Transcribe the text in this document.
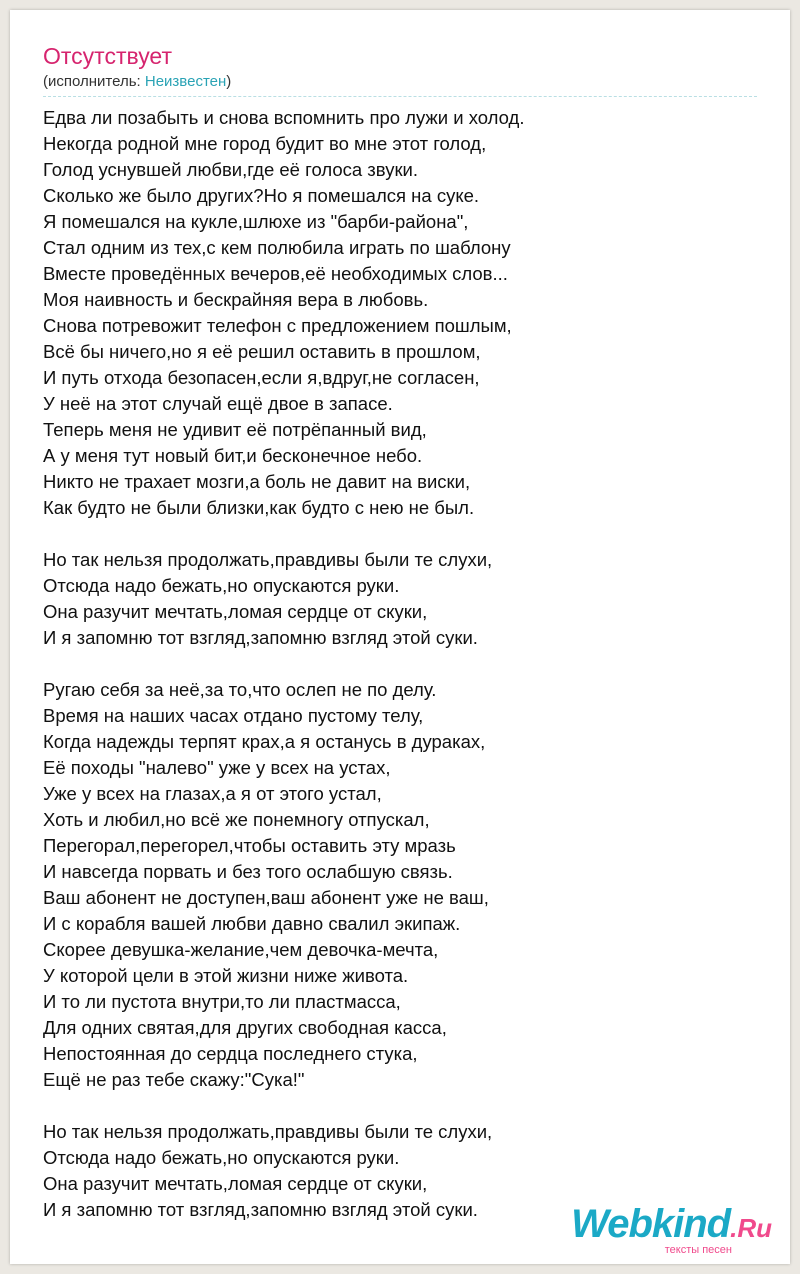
Отсутствует
(исполнитель: Неизвестен)
Едва ли позабыть и снова вспомнить про лужи и холод.
Некогда родной мне город будит во мне этот голод,
Голод уснувшей любви,где её голоса звуки.
Сколько же было других?Но я помешался на суке.
Я помешался на кукле,шлюхе из "барби-района",
Стал одним из тех,с кем полюбила играть по шаблону
Вместе проведённых вечеров,её необходимых слов...
Моя наивность и бескрайняя вера в любовь.
Снова потревожит телефон с предложением пошлым,
Всё бы ничего,но я её решил оставить в прошлом,
И путь отхода безопасен,если я,вдруг,не согласен,
У неё на этот случай ещё двое в запасе.
Теперь меня не удивит её потрёпанный вид,
А у меня тут новый бит,и бесконечное небо.
Никто не трахает мозги,а боль не давит на виски,
Как будто не были близки,как будто с нею не был.
Но так нельзя продолжать,правдивы были те слухи,
Отсюда надо бежать,но опускаются руки.
Она разучит мечтать,ломая сердце от скуки,
И я запомню тот взгляд,запомню взгляд этой суки.
Ругаю себя за неё,за то,что ослеп не по делу.
Время на наших часах отдано пустому телу,
Когда надежды терпят крах,а я останусь в дураках,
Её походы "налево" уже у всех на устах,
Уже у всех на глазах,а я от этого устал,
Хоть и любил,но всё же понемногу отпускал,
Перегорал,перегорел,чтобы оставить эту мразь
И навсегда порвать и без того ослабшую связь.
Ваш абонент не доступен,ваш абонент уже не ваш,
И с корабля вашей любви давно свалил экипаж.
Скорее девушка-желание,чем девочка-мечта,
У которой цели в этой жизни ниже живота.
И то ли пустота внутри,то ли пластмасса,
Для одних святая,для других свободная касса,
Непостоянная до сердца последнего стука,
Ещё не раз тебе скажу:"Сука!"
Но так нельзя продолжать,правдивы были те слухи,
Отсюда надо бежать,но опускаются руки.
Она разучит мечтать,ломая сердце от скуки,
И я запомню тот взгляд,запомню взгляд этой суки.	Webkind.Ru
тексты песен
